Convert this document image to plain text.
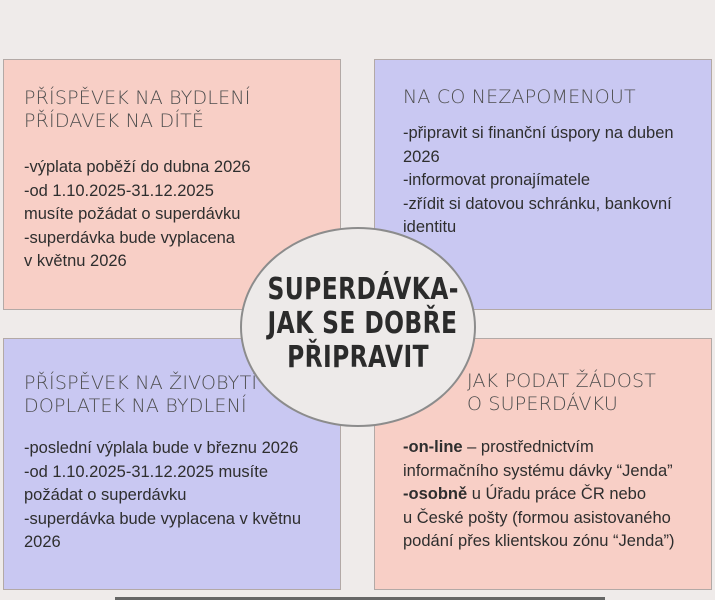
PŘÍSPĚVEK NA BYDLENÍ
PŘÍDAVEK NA DÍTĚ
-výplata poběží do dubna 2026
-od 1.10.2025-31.12.2025
musíte požádat o superdávku
-superdávka bude vyplacena
v květnu 2026
NA CO NEZAPOMENOUT
-připravit si finanční úspory na duben
2026
-informovat pronajímatele
-zřídit si datovou schránku, bankovní
identitu
PŘÍSPĚVEK NA ŽIVOBYTÍ
DOPLATEK NA BYDLENÍ
-poslední výplala bude v březnu 2026
-od 1.10.2025-31.12.2025 musíte
požádat o superdávku
-superdávka bude vyplacena v květnu
2026
JAK PODAT ŽÁDOST
O SUPERDÁVKU
-on-line – prostřednictvím
informačního systému dávky “Jenda”
-osobně u Úřadu práce ČR nebo
u České pošty (formou asistovaného
podání přes klientskou zónu “Jenda”)
SUPERDÁVKA-
JAK SE DOBŘE
PŘIPRAVIT
